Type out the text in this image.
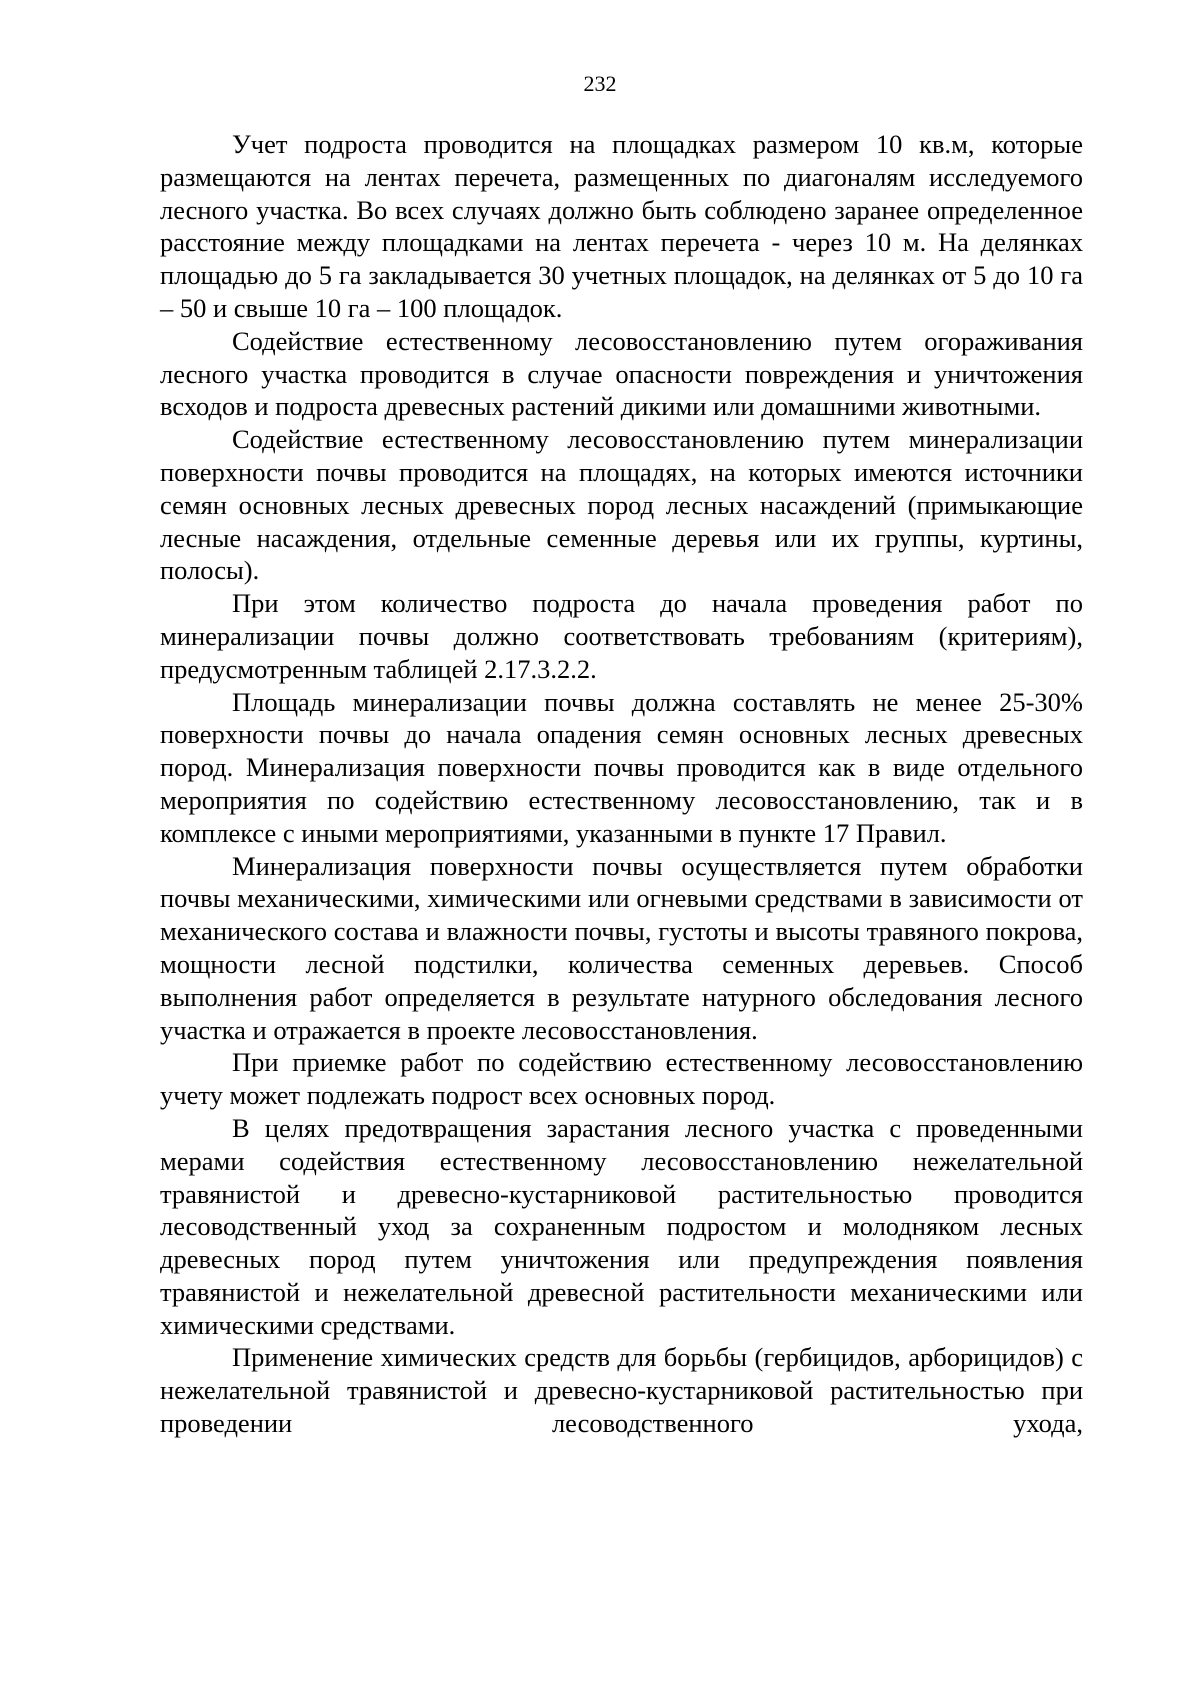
232

Учет подроста проводится на площадках размером 10 кв.м, которые размещаются на лентах перечета, размещенных по диагоналям исследуемого лесного участка. Во всех случаях должно быть соблюдено заранее определенное расстояние между площадками на лентах перечета - через 10 м. На делянках площадью до 5 га закладывается 30 учетных площадок, на делянках от 5 до 10 га – 50 и свыше 10 га – 100 площадок.

Содействие естественному лесовосстановлению путем огораживания лесного участка проводится в случае опасности повреждения и уничтожения всходов и подроста древесных растений дикими или домашними животными.

Содействие естественному лесовосстановлению путем минерализации поверхности почвы проводится на площадях, на которых имеются источники семян основных лесных древесных пород лесных насаждений (примыкающие лесные насаждения, отдельные семенные деревья или их группы, куртины, полосы).

При этом количество подроста до начала проведения работ по минерализации почвы должно соответствовать требованиям (критериям), предусмотренным таблицей 2.17.3.2.2.

Площадь минерализации почвы должна составлять не менее 25-30% поверхности почвы до начала опадения семян основных лесных древесных пород. Минерализация поверхности почвы проводится как в виде отдельного мероприятия по содействию естественному лесовосстановлению, так и в комплексе с иными мероприятиями, указанными в пункте 17 Правил.

Минерализация поверхности почвы осуществляется путем обработки почвы механическими, химическими или огневыми средствами в зависимости от механического состава и влажности почвы, густоты и высоты травяного покрова, мощности лесной подстилки, количества семенных деревьев. Способ выполнения работ определяется в результате натурного обследования лесного участка и отражается в проекте лесовосстановления.

При приемке работ по содействию естественному лесовосстановлению учету может подлежать подрост всех основных пород.

В целях предотвращения зарастания лесного участка с проведенными мерами содействия естественному лесовосстановлению нежелательной травянистой и древесно-кустарниковой растительностью проводится лесоводственный уход за сохраненным подростом и молодняком лесных древесных пород путем уничтожения или предупреждения появления травянистой и нежелательной древесной растительности механическими или химическими средствами.

Применение химических средств для борьбы (гербицидов, арборицидов) с нежелательной травянистой и древесно-кустарниковой растительностью при проведении лесоводственного ухода,
